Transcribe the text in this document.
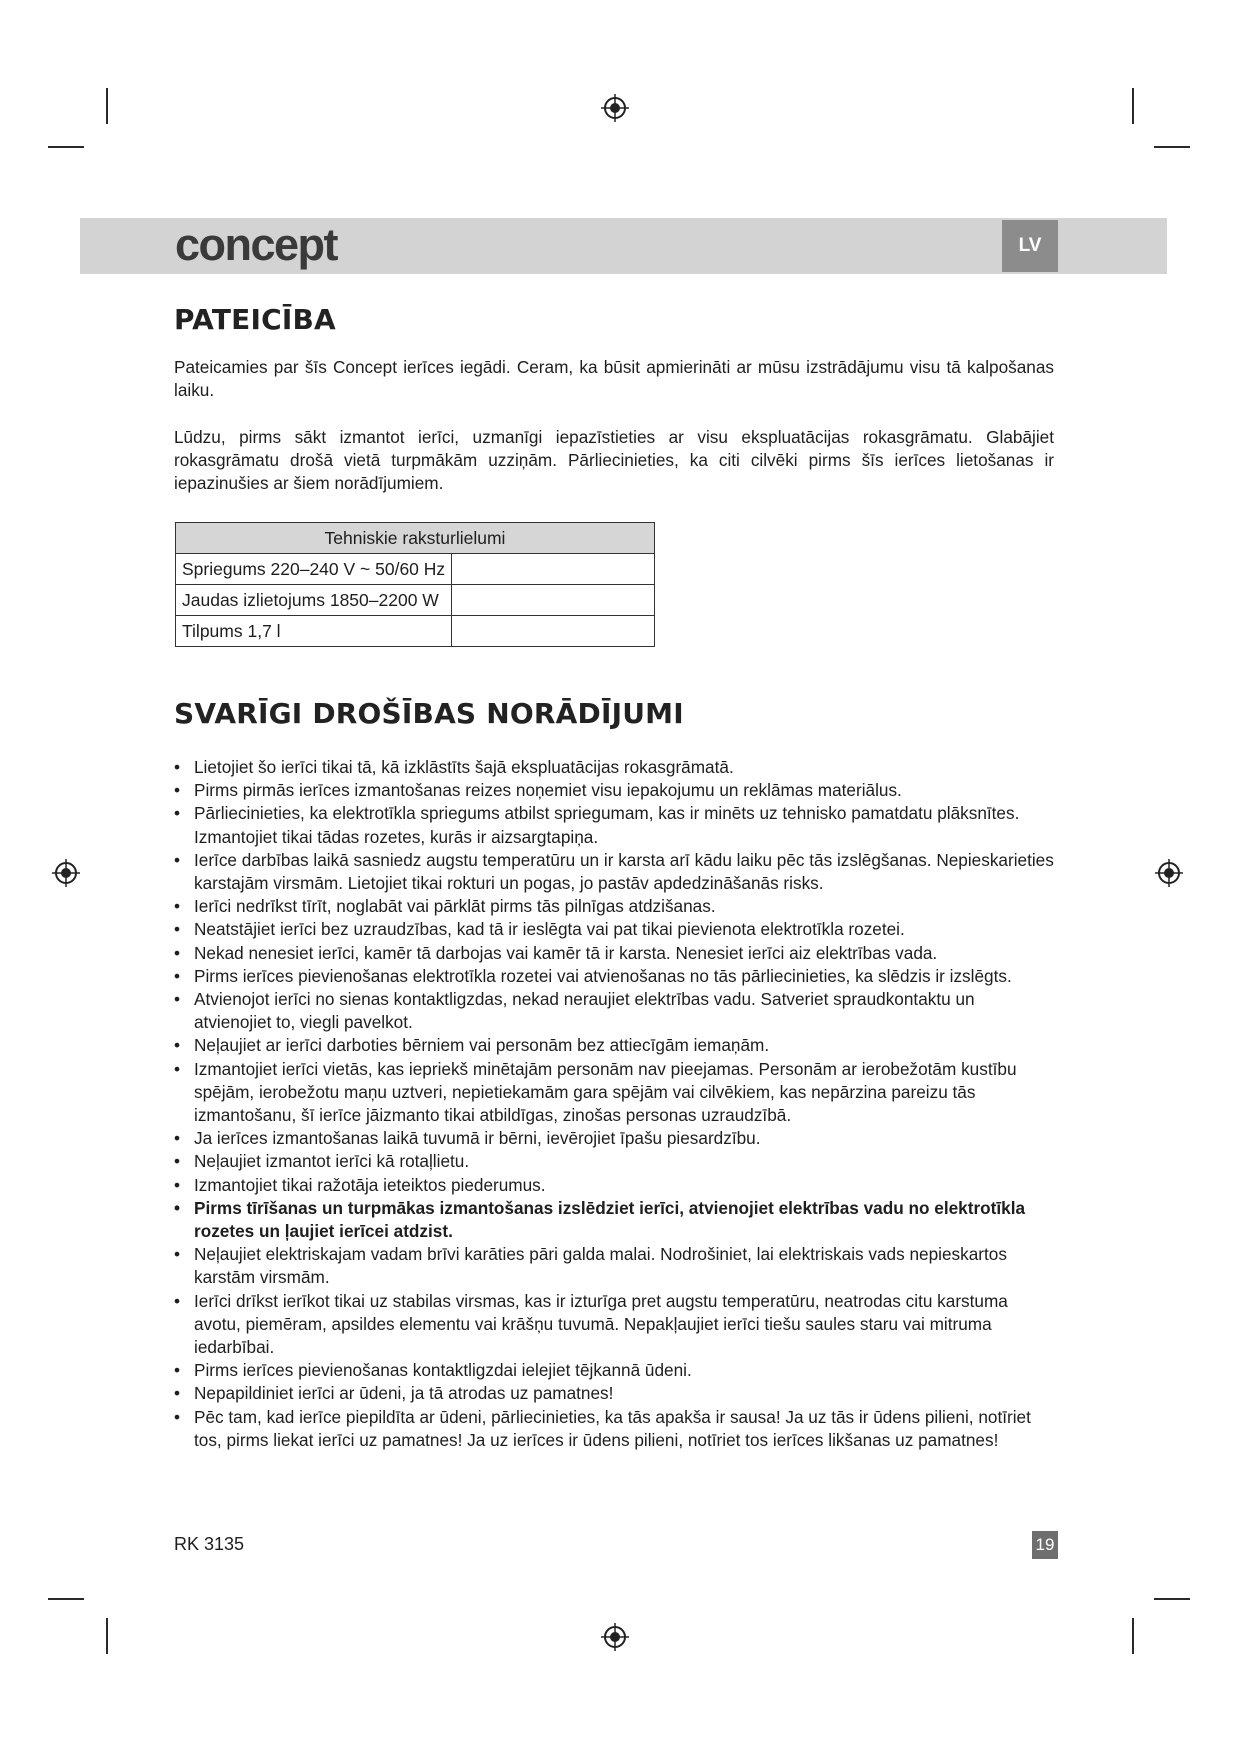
concept	LV
PATEICĪBA

Pateicamies par šīs Concept ierīces iegādi. Ceram, ka būsit apmierināti ar mūsu izstrādājumu visu tā kalpošanas laiku.

Lūdzu, pirms sākt izmantot ierīci, uzmanīgi iepazīstieties ar visu ekspluatācijas rokasgrāmatu. Glabājiet rokasgrāmatu drošā vietā turpmākām uzziņām. Pārliecinieties, ka citi cilvēki pirms šīs ierīces lietošanas ir iepazinušies ar šiem norādījumiem.

Tehniskie raksturlielumi	
Spriegums 220–240 V ~ 50/60 Hz	
Jaudas izlietojums 1850–2200 W	
Tilpums 1,7 l	
SVARĪGI DROŠĪBAS NORĀDĪJUMI
• Lietojiet šo ierīci tikai tā, kā izklāstīts šajā ekspluatācijas rokasgrāmatā.
• Pirms pirmās ierīces izmantošanas reizes noņemiet visu iepakojumu un reklāmas materiālus.
• Pārliecinieties, ka elektrotīkla spriegums atbilst spriegumam, kas ir minēts uz tehnisko pamatdatu plāksnītes. Izmantojiet tikai tādas rozetes, kurās ir aizsargtapiņa.
• Ierīce darbības laikā sasniedz augstu temperatūru un ir karsta arī kādu laiku pēc tās izslēgšanas. Nepieskarieties karstajām virsmām. Lietojiet tikai rokturi un pogas, jo pastāv apdedzināšanās risks.
• Ierīci nedrīkst tīrīt, noglabāt vai pārklāt pirms tās pilnīgas atdzišanas.
• Neatstājiet ierīci bez uzraudzības, kad tā ir ieslēgta vai pat tikai pievienota elektrotīkla rozetei.
• Nekad nenesiet ierīci, kamēr tā darbojas vai kamēr tā ir karsta. Nenesiet ierīci aiz elektrības vada.
• Pirms ierīces pievienošanas elektrotīkla rozetei vai atvienošanas no tās pārliecinieties, ka slēdzis ir izslēgts.
• Atvienojot ierīci no sienas kontaktligzdas, nekad neraujiet elektrības vadu. Satveriet spraudkontaktu un atvienojiet to, viegli pavelkot.
• Neļaujiet ar ierīci darboties bērniem vai personām bez attiecīgām iemaņām.
• Izmantojiet ierīci vietās, kas iepriekš minētajām personām nav pieejamas. Personām ar ierobežotām kustību spējām, ierobežotu maņu uztveri, nepietiekamām gara spējām vai cilvēkiem, kas nepārzina pareizu tās izmantošanu, šī ierīce jāizmanto tikai atbildīgas, zinošas personas uzraudzībā.
• Ja ierīces izmantošanas laikā tuvumā ir bērni, ievērojiet īpašu piesardzību.
• Neļaujiet izmantot ierīci kā rotaļlietu.
• Izmantojiet tikai ražotāja ieteiktos piederumus.
• Pirms tīrīšanas un turpmākas izmantošanas izslēdziet ierīci, atvienojiet elektrības vadu no elektrotīkla rozetes un ļaujiet ierīcei atdzist.
• Neļaujiet elektriskajam vadam brīvi karāties pāri galda malai. Nodrošiniet, lai elektriskais vads nepieskartos karstām virsmām.
• Ierīci drīkst ierīkot tikai uz stabilas virsmas, kas ir izturīga pret augstu temperatūru, neatrodas citu karstuma avotu, piemēram, apsildes elementu vai krāšņu tuvumā. Nepakļaujiet ierīci tiešu saules staru vai mitruma iedarbībai.
• Pirms ierīces pievienošanas kontaktligzdai ielejiet tējkannā ūdeni.
• Nepapildiniet ierīci ar ūdeni, ja tā atrodas uz pamatnes!
• Pēc tam, kad ierīce piepildīta ar ūdeni, pārliecinieties, ka tās apakša ir sausa! Ja uz tās ir ūdens pilieni, notīriet tos, pirms liekat ierīci uz pamatnes! Ja uz ierīces ir ūdens pilieni, notīriet tos ierīces likšanas uz pamatnes!
RK 3135	19
